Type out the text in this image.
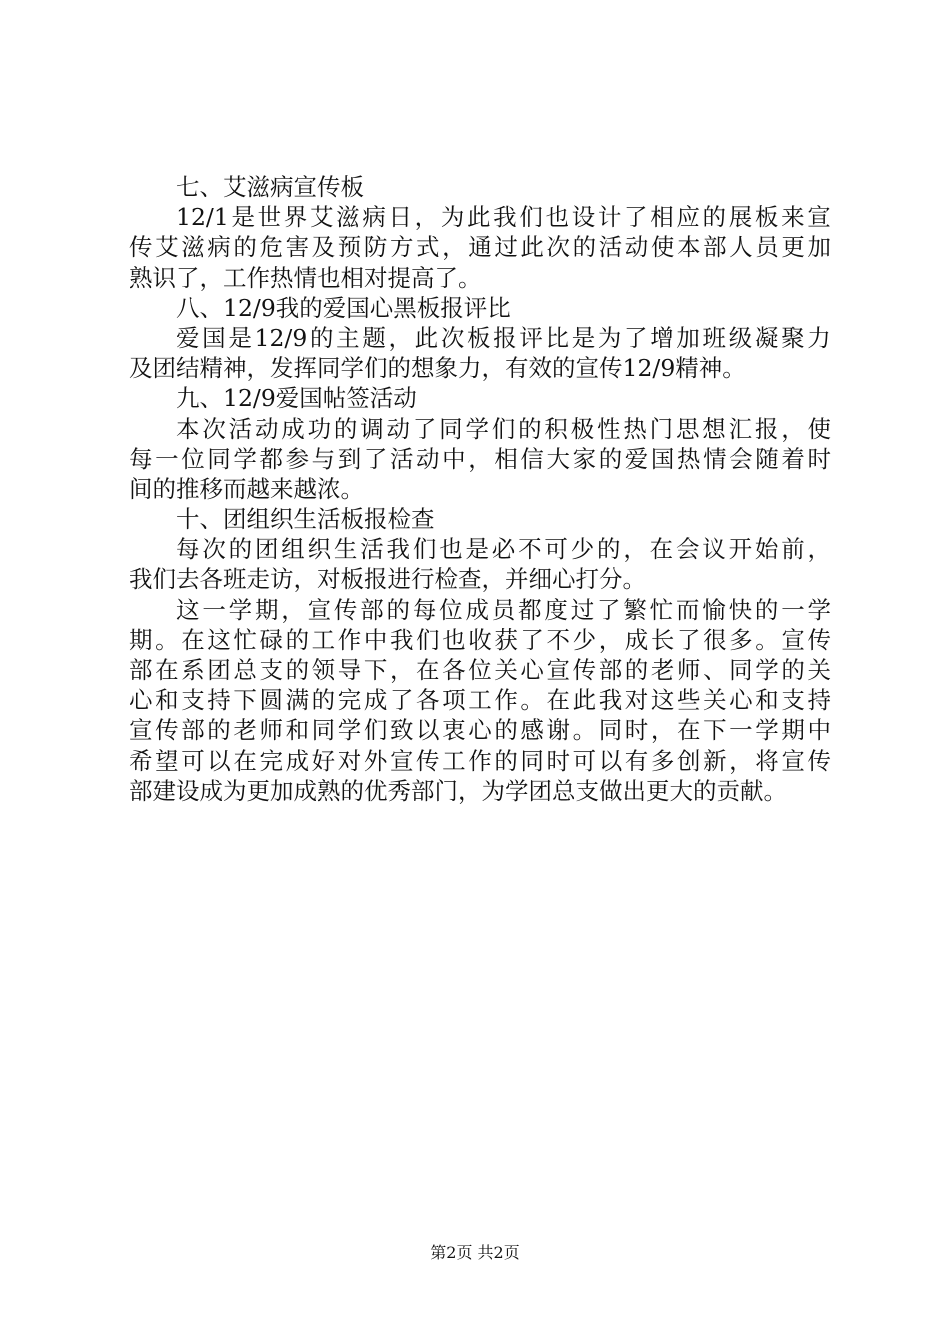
七、艾滋病宣传板
12/1 是 世 界 艾 滋 病 日 ， 为 此 我 们 也 设 计 了 相 应 的 展 板 来 宣
传 艾 滋 病 的 危 害 及 预 防 方 式 ， 通 过 此 次 的 活 动 使 本 部 人 员 更 加
熟识了，工作热情也相对提高了。
八、12/9我的爱国心黑板报评比
爱 国 是 12/9 的 主 题 ， 此 次 板 报 评 比 是 为 了 增 加 班 级 凝 聚 力
及团结精神，发挥同学们的想象力，有效的宣传12/9精神。
九、12/9爱国帖签活动
本 次 活 动 成 功 的 调 动 了 同 学 们 的 积 极 性 热 门 思 想 汇 报 ， 使
每 一 位 同 学 都 参 与 到 了 活 动 中 ， 相 信 大 家 的 爱 国 热 情 会 随 着 时
间的推移而越来越浓。
十、团组织生活板报检查
每 次 的 团 组 织 生 活 我 们 也 是 必 不 可 少 的 ， 在 会 议 开 始 前 ，
我们去各班走访，对板报进行检查，并细心打分。
这 一 学 期 ， 宣 传 部 的 每 位 成 员 都 度 过 了 繁 忙 而 愉 快 的 一 学
期 。 在 这 忙 碌 的 工 作 中 我 们 也 收 获 了 不 少 ， 成 长 了 很 多 。 宣 传
部 在 系 团 总 支 的 领 导 下 ， 在 各 位 关 心 宣 传 部 的 老 师 、 同 学 的 关
心 和 支 持 下 圆 满 的 完 成 了 各 项 工 作 。 在 此 我 对 这 些 关 心 和 支 持
宣 传 部 的 老 师 和 同 学 们 致 以 衷 心 的 感 谢 。 同 时 ， 在 下 一 学 期 中
希 望 可 以 在 完 成 好 对 外 宣 传 工 作 的 同 时 可 以 有 多 创 新 ， 将 宣 传
部建设成为更加成熟的优秀部门，为学团总支做出更大的贡献。
第2页 共2页
